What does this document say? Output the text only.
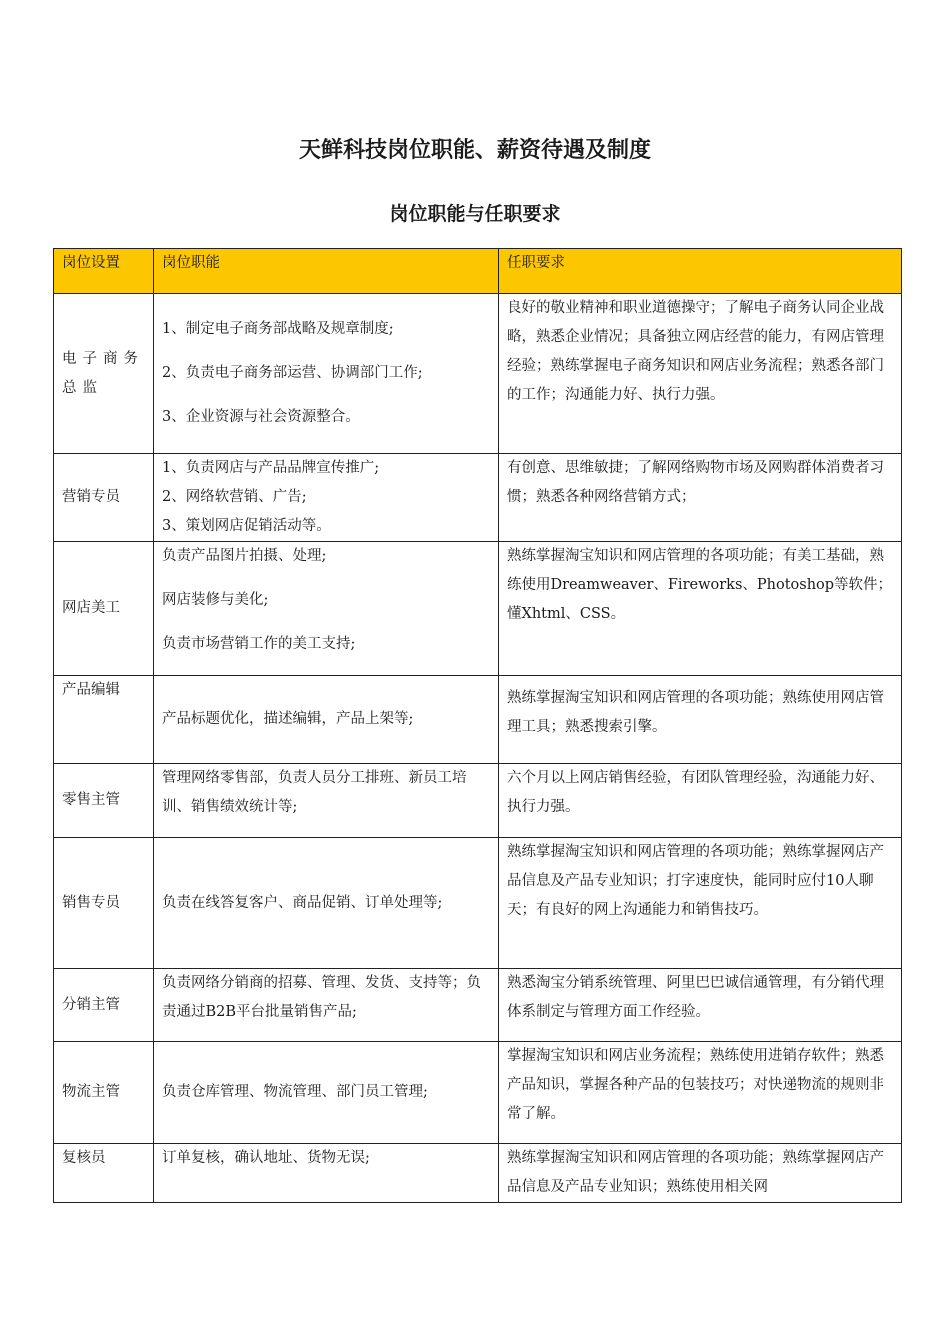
天鲜科技岗位职能、薪资待遇及制度
岗位职能与任职要求
岗位设置	岗位职能	任职要求
电子商务总监	1、制定电子商务部战略及规章制度;

2、负责电子商务部运营、协调部门工作;

3、企业资源与社会资源整合。	良好的敬业精神和职业道德操守；了解电子商务认同企业战略，熟悉企业情况；具备独立网店经营的能力，有网店管理经验；熟练掌握电子商务知识和网店业务流程；熟悉各部门的工作；沟通能力好、执行力强。
营销专员	1、负责网店与产品品牌宣传推广;

2、网络软营销、广告;

3、策划网店促销活动等。	有创意、思维敏捷；了解网络购物市场及网购群体消费者习惯；熟悉各种网络营销方式；
网店美工	负责产品图片拍摄、处理;

网店装修与美化;

负责市场营销工作的美工支持;	熟练掌握淘宝知识和网店管理的各项功能；有美工基础，熟练使用Dreamweaver、Fireworks、Photoshop等软件；懂Xhtml、CSS。
产品编辑	产品标题优化，描述编辑，产品上架等;	熟练掌握淘宝知识和网店管理的各项功能；熟练使用网店管理工具；熟悉搜索引擎。
零售主管	管理网络零售部，负责人员分工排班、新员工培训、销售绩效统计等;	六个月以上网店销售经验，有团队管理经验，沟通能力好、执行力强。
销售专员	负责在线答复客户、商品促销、订单处理等;	熟练掌握淘宝知识和网店管理的各项功能；熟练掌握网店产品信息及产品专业知识；打字速度快，能同时应付10人聊天；有良好的网上沟通能力和销售技巧。
分销主管	负责网络分销商的招募、管理、发货、支持等；负责通过B2B平台批量销售产品;	熟悉淘宝分销系统管理、阿里巴巴诚信通管理，有分销代理体系制定与管理方面工作经验。
物流主管	负责仓库管理、物流管理、部门员工管理;	掌握淘宝知识和网店业务流程；熟练使用进销存软件；熟悉产品知识，掌握各种产品的包装技巧；对快递物流的规则非常了解。
复核员	订单复核，确认地址、货物无误;	熟练掌握淘宝知识和网店管理的各项功能；熟练掌握网店产品信息及产品专业知识；熟练使用相关网
